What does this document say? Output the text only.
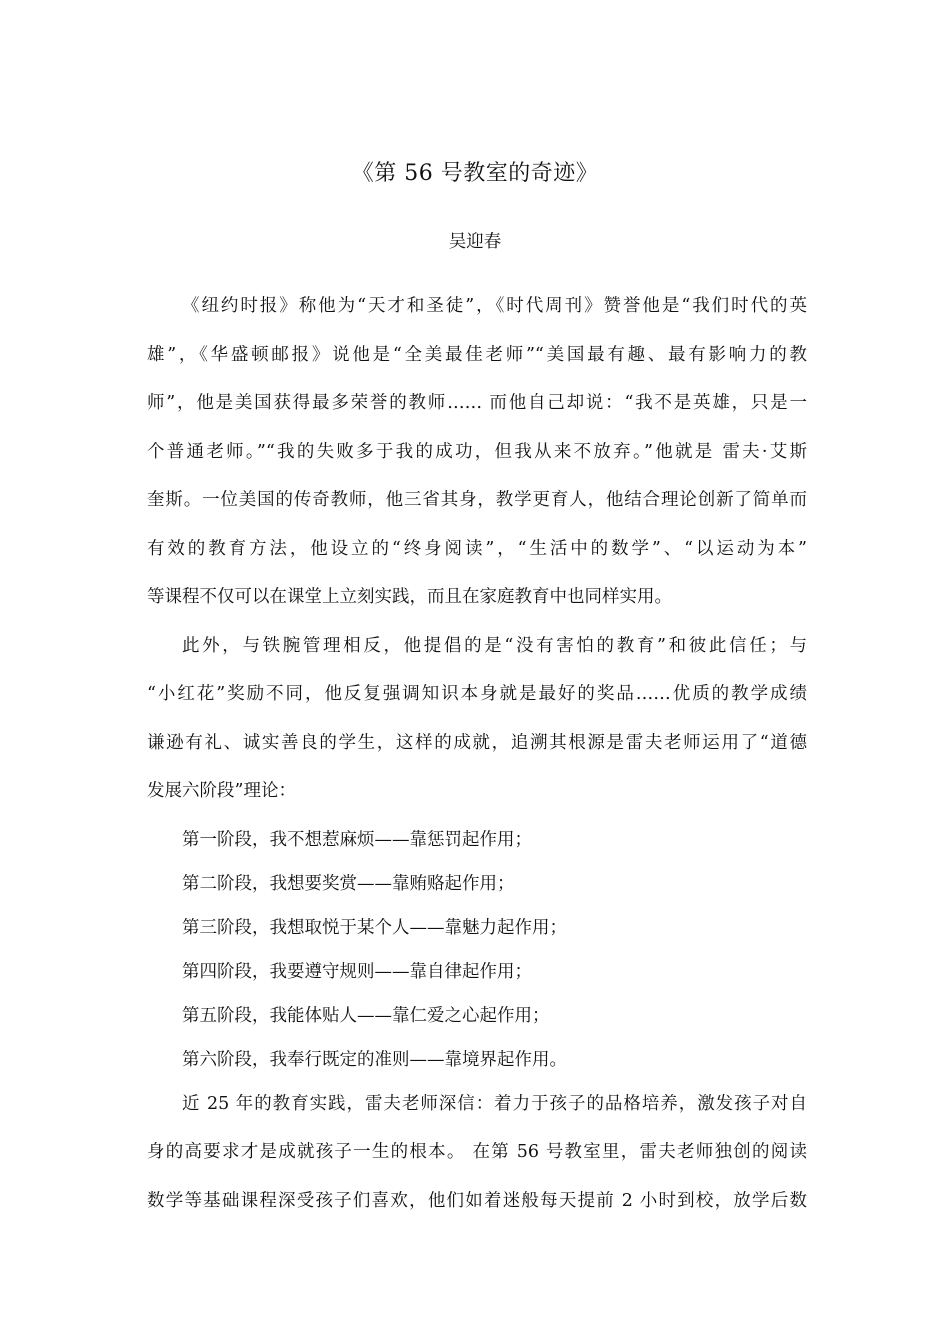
《第 56 号教室的奇迹》
吴迎春
《纽约时报》称他为“天才和圣徒”，《时代周刊》赞誉他是“我们时代的英
雄”，《华盛顿邮报》说他是“全美最佳老师”“美国最有趣、最有影响力的教
师”，他是美国获得最多荣誉的教师…… 而他自己却说：“我不是英雄，只是一
个普通老师。”“我的失败多于我的成功，但我从来不放弃。”他就是 雷夫·艾斯
奎斯。一位美国的传奇教师，他三省其身，教学更育人，他结合理论创新了简单而
有效的教育方法，他设立的“终身阅读”，“生活中的数学”、“以运动为本”
等课程不仅可以在课堂上立刻实践，而且在家庭教育中也同样实用。
此外，与铁腕管理相反，他提倡的是“没有害怕的教育”和彼此信任；与
“小红花”奖励不同，他反复强调知识本身就是最好的奖品……优质的教学成绩
谦逊有礼、诚实善良的学生，这样的成就，追溯其根源是雷夫老师运用了“道德
发展六阶段”理论：
第一阶段，我不想惹麻烦——靠惩罚起作用；
第二阶段，我想要奖赏——靠贿赂起作用；
第三阶段，我想取悦于某个人——靠魅力起作用；
第四阶段，我要遵守规则——靠自律起作用；
第五阶段，我能体贴人——靠仁爱之心起作用；
第六阶段，我奉行既定的准则——靠境界起作用。
近 25 年的教育实践，雷夫老师深信：着力于孩子的品格培养，激发孩子对自
身的高要求才是成就孩子一生的根本。 在第 56 号教室里，雷夫老师独创的阅读
数学等基础课程深受孩子们喜欢，他们如着迷般每天提前 2 小时到校，放学后数
